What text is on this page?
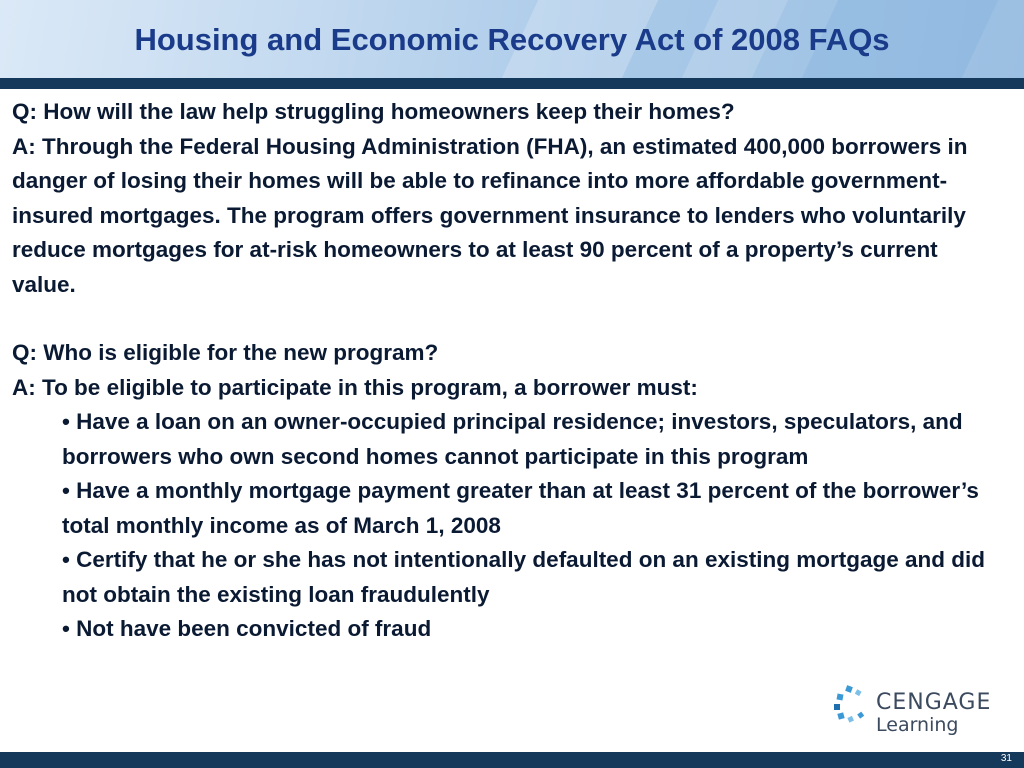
Housing and Economic Recovery Act of 2008 FAQs

Q: How will the law help struggling homeowners keep their homes?

A: Through the Federal Housing Administration (FHA), an estimated 400,000 borrowers in danger of losing their homes will be able to refinance into more affordable government-insured mortgages. The program offers government insurance to lenders who voluntarily reduce mortgages for at-risk homeowners to at least 90 percent of a property’s current value.

Q: Who is eligible for the new program?

A: To be eligible to participate in this program, a borrower must:

• Have a loan on an owner-occupied principal residence; investors, speculators, and borrowers who own second homes cannot participate in this program
• Have a monthly mortgage payment greater than at least 31 percent of the borrower’s total monthly income as of March 1, 2008
• Certify that he or she has not intentionally defaulted on an existing mortgage and did not obtain the existing loan fraudulently
• Not have been convicted of fraud
CENGAGE
Learning
31
